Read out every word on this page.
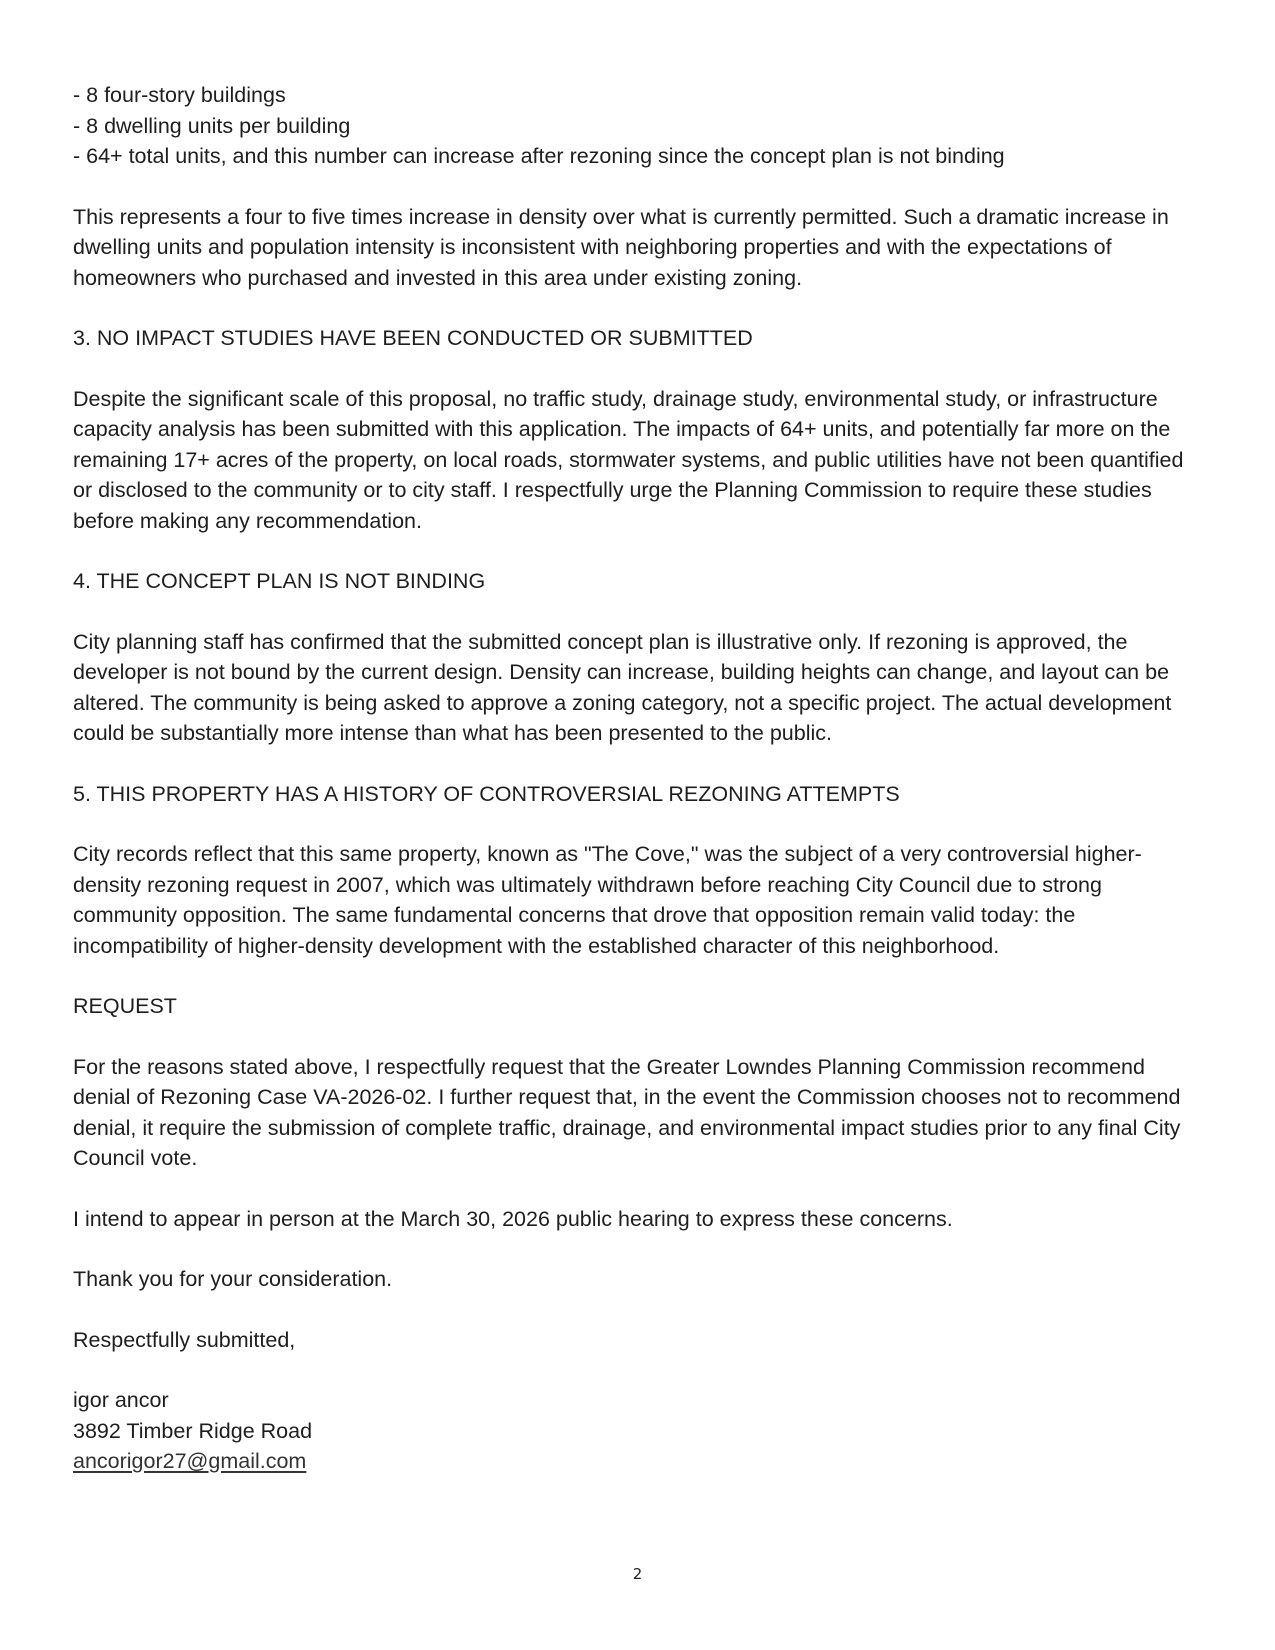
- 8 four-story buildings
- 8 dwelling units per building
- 64+ total units, and this number can increase after rezoning since the concept plan is not binding

This represents a four to five times increase in density over what is currently permitted. Such a dramatic increase in dwelling units and population intensity is inconsistent with neighboring properties and with the expectations of homeowners who purchased and invested in this area under existing zoning.

3. NO IMPACT STUDIES HAVE BEEN CONDUCTED OR SUBMITTED

Despite the significant scale of this proposal, no traffic study, drainage study, environmental study, or infrastructure capacity analysis has been submitted with this application. The impacts of 64+ units, and potentially far more on the remaining 17+ acres of the property, on local roads, stormwater systems, and public utilities have not been quantified or disclosed to the community or to city staff. I respectfully urge the Planning Commission to require these studies before making any recommendation.

4. THE CONCEPT PLAN IS NOT BINDING

City planning staff has confirmed that the submitted concept plan is illustrative only. If rezoning is approved, the developer is not bound by the current design. Density can increase, building heights can change, and layout can be altered. The community is being asked to approve a zoning category, not a specific project. The actual development could be substantially more intense than what has been presented to the public.

5. THIS PROPERTY HAS A HISTORY OF CONTROVERSIAL REZONING ATTEMPTS

City records reflect that this same property, known as "The Cove," was the subject of a very controversial higher-density rezoning request in 2007, which was ultimately withdrawn before reaching City Council due to strong community opposition. The same fundamental concerns that drove that opposition remain valid today: the incompatibility of higher-density development with the established character of this neighborhood.

REQUEST

For the reasons stated above, I respectfully request that the Greater Lowndes Planning Commission recommend denial of Rezoning Case VA-2026-02. I further request that, in the event the Commission chooses not to recommend denial, it require the submission of complete traffic, drainage, and environmental impact studies prior to any final City Council vote.

I intend to appear in person at the March 30, 2026 public hearing to express these concerns.

Thank you for your consideration.

Respectfully submitted,

igor ancor
3892 Timber Ridge Road
ancorigor27@gmail.com
2
